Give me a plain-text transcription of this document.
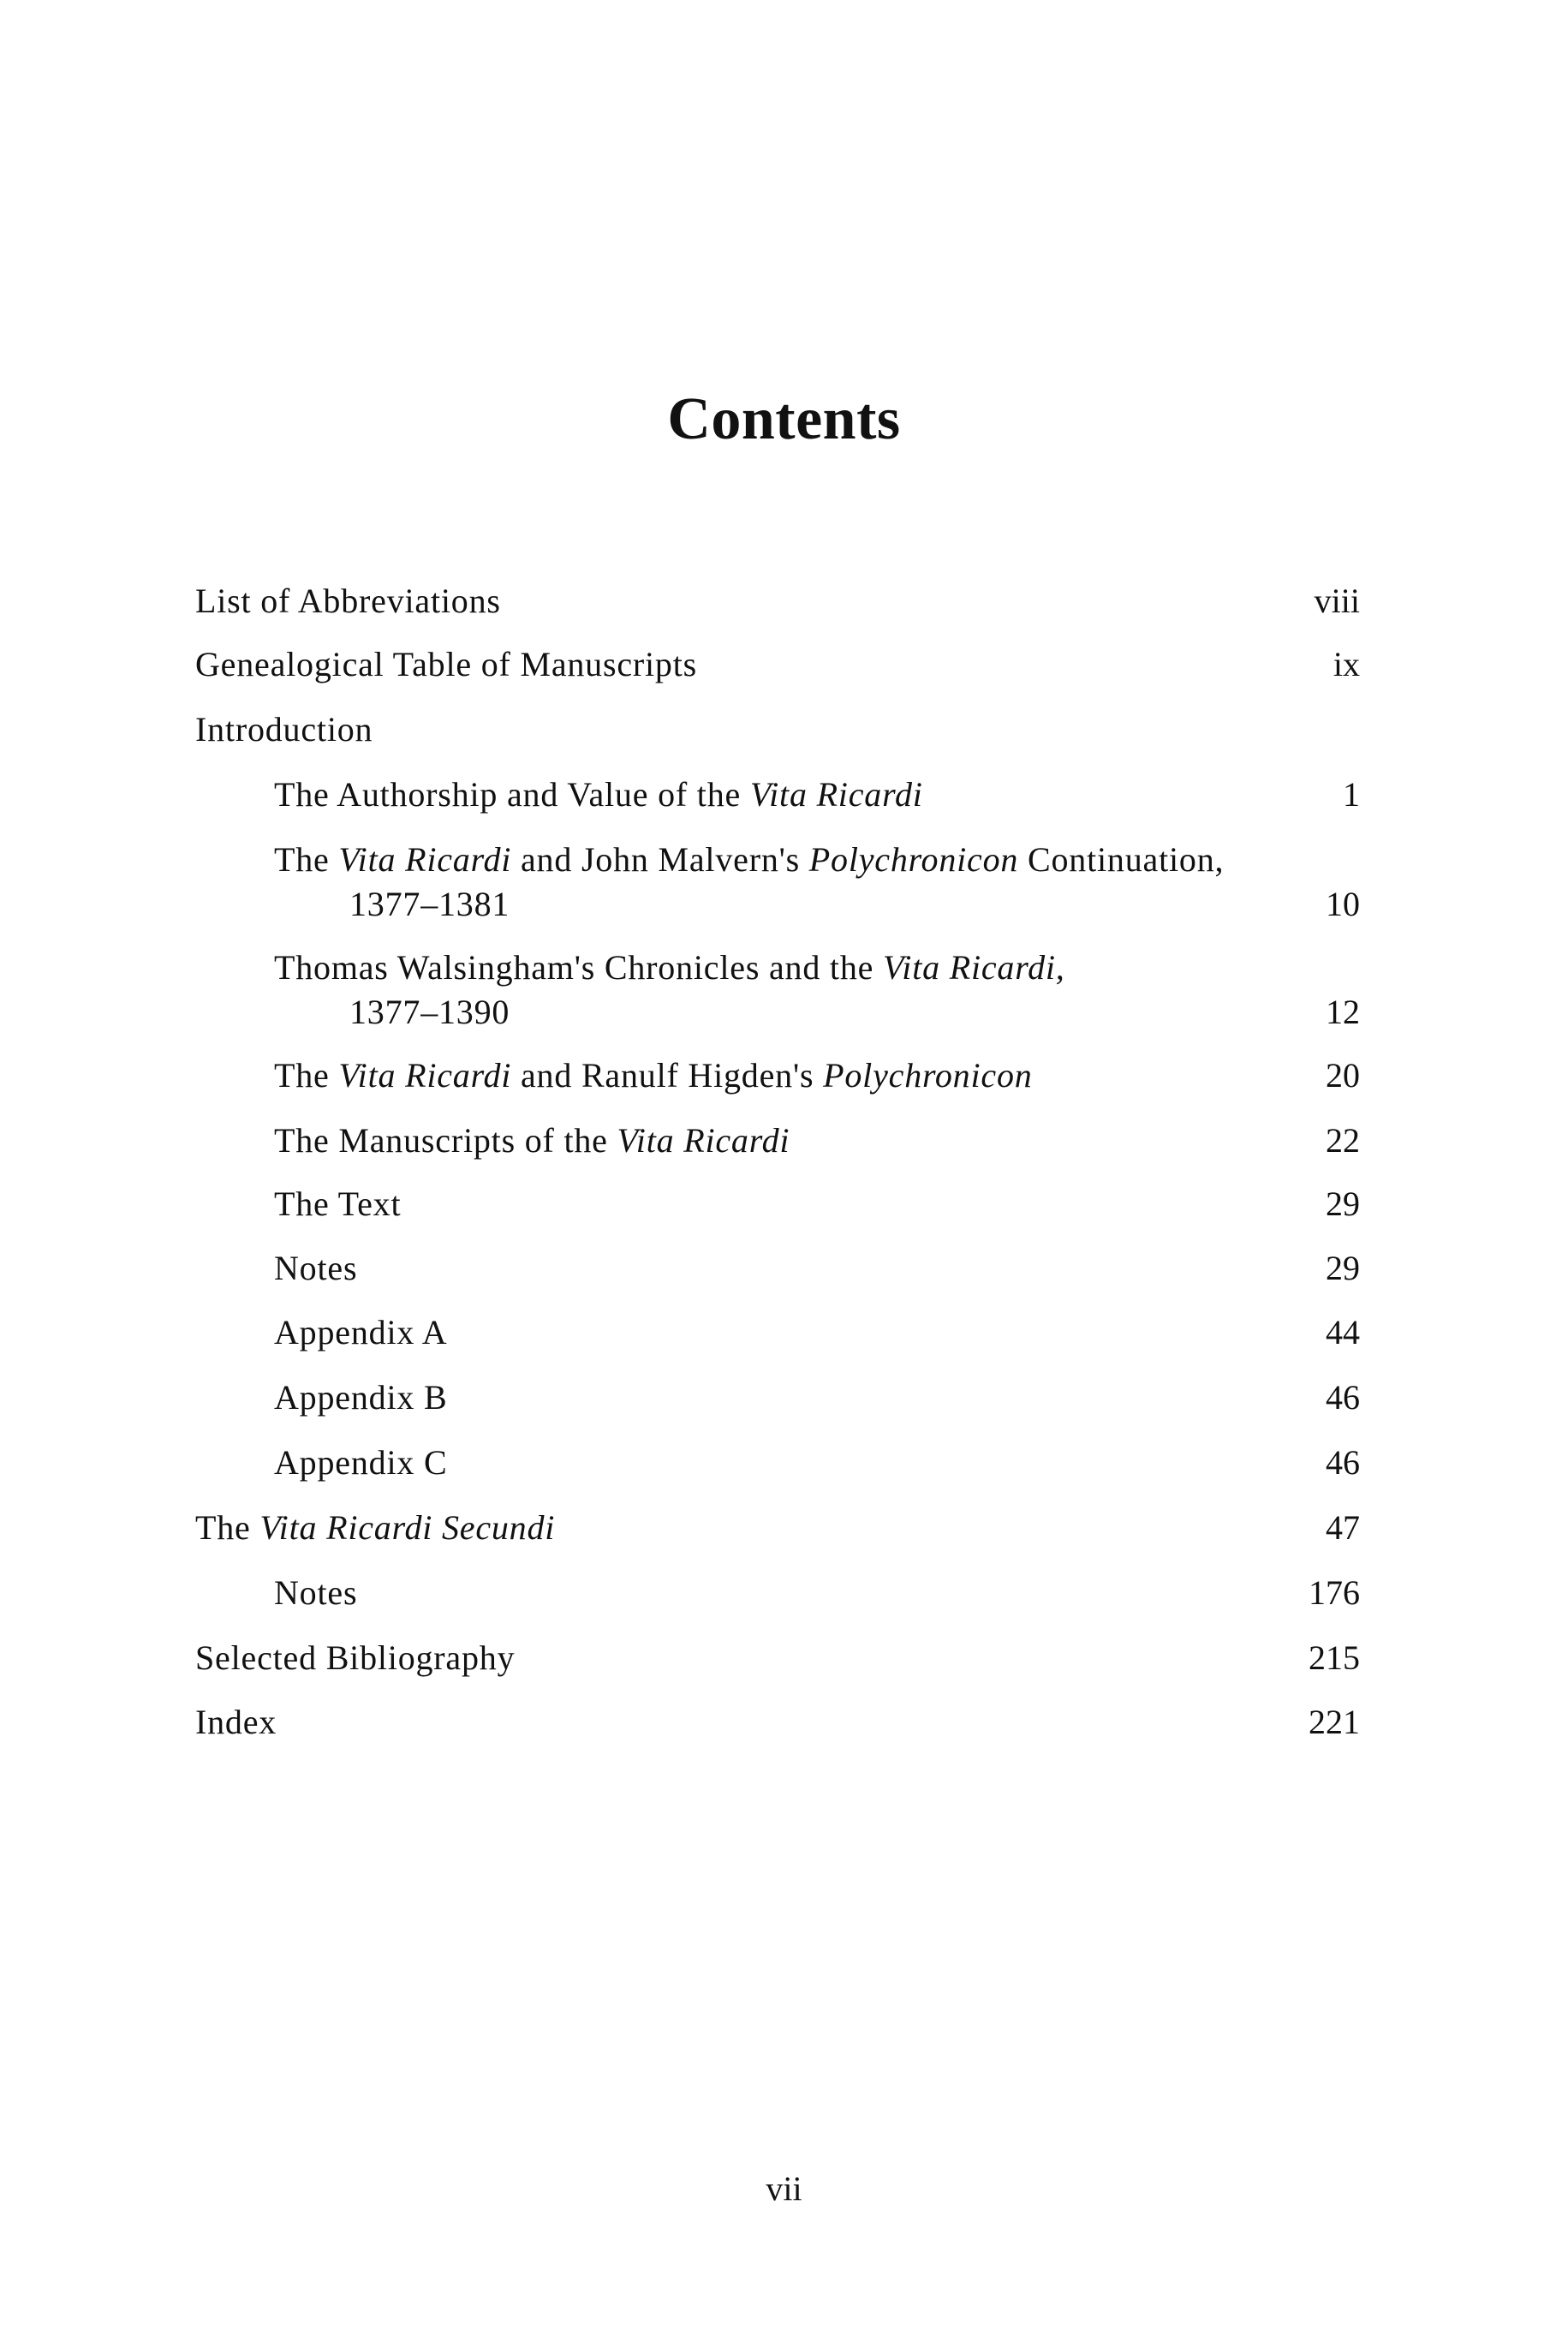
Contents
List of Abbreviations	viii
Genealogical Table of Manuscripts	ix
Introduction
The Authorship and Value of the Vita Ricardi	1
The Vita Ricardi and John Malvern's Polychronicon Continuation,
1377–1381	10
Thomas Walsingham's Chronicles and the Vita Ricardi,
1377–1390	12
The Vita Ricardi and Ranulf Higden's Polychronicon	20
The Manuscripts of the Vita Ricardi	22
The Text	29
Notes	29
Appendix A	44
Appendix B	46
Appendix C	46
The Vita Ricardi Secundi	47
Notes	176
Selected Bibliography	215
Index	221
vii
